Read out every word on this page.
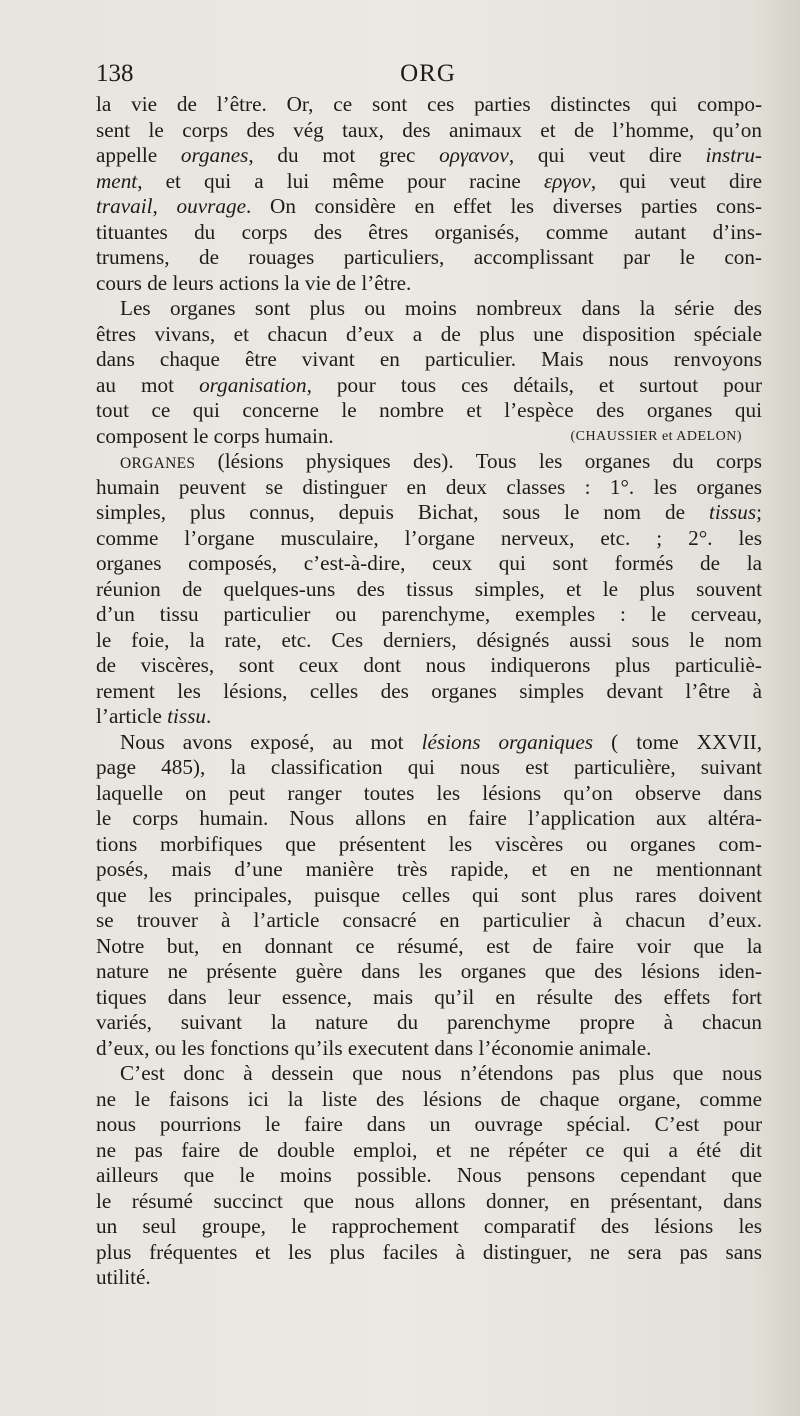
138	ORG
la vie de l’être. Or, ce sont ces parties distinctes qui compo-
sent le corps des vég taux, des animaux et de l’homme, qu’on
appelle organes, du mot grec οργανον, qui veut dire instru-
ment, et qui a lui même pour racine εργον, qui veut dire
travail, ouvrage. On considère en effet les diverses parties cons-
tituantes du corps des êtres organisés, comme autant d’ins-
trumens, de rouages particuliers, accomplissant par le con-
cours de leurs actions la vie de l’être.
Les organes sont plus ou moins nombreux dans la série des
êtres vivans, et chacun d’eux a de plus une disposition spéciale
dans chaque être vivant en particulier. Mais nous renvoyons
au mot organisation, pour tous ces détails, et surtout pour
tout ce qui concerne le nombre et l’espèce des organes qui
composent le corps humain.	(CHAUSSIER et ADELON)
ORGANES (lésions physiques des). Tous les organes du corps
humain peuvent se distinguer en deux classes : 1°. les organes
simples, plus connus, depuis Bichat, sous le nom de tissus;
comme l’organe musculaire, l’organe nerveux, etc. ; 2°. les
organes composés, c’est-à-dire, ceux qui sont formés de la
réunion de quelques-uns des tissus simples, et le plus souvent
d’un tissu particulier ou parenchyme, exemples : le cerveau,
le foie, la rate, etc. Ces derniers, désignés aussi sous le nom
de viscères, sont ceux dont nous indiquerons plus particuliè-
rement les lésions, celles des organes simples devant l’être à
l’article tissu.
Nous avons exposé, au mot lésions organiques ( tome XXVII,
page 485), la classification qui nous est particulière, suivant
laquelle on peut ranger toutes les lésions qu’on observe dans
le corps humain. Nous allons en faire l’application aux altéra-
tions morbifiques que présentent les viscères ou organes com-
posés, mais d’une manière très rapide, et en ne mentionnant
que les principales, puisque celles qui sont plus rares doivent
se trouver à l’article consacré en particulier à chacun d’eux.
Notre but, en donnant ce résumé, est de faire voir que la
nature ne présente guère dans les organes que des lésions iden-
tiques dans leur essence, mais qu’il en résulte des effets fort
variés, suivant la nature du parenchyme propre à chacun
d’eux, ou les fonctions qu’ils executent dans l’économie animale.
C’est donc à dessein que nous n’étendons pas plus que nous
ne le faisons ici la liste des lésions de chaque organe, comme
nous pourrions le faire dans un ouvrage spécial. C’est pour
ne pas faire de double emploi, et ne répéter ce qui a été dit
ailleurs que le moins possible. Nous pensons cependant que
le résumé succinct que nous allons donner, en présentant, dans
un seul groupe, le rapprochement comparatif des lésions les
plus fréquentes et les plus faciles à distinguer, ne sera pas sans
utilité.
